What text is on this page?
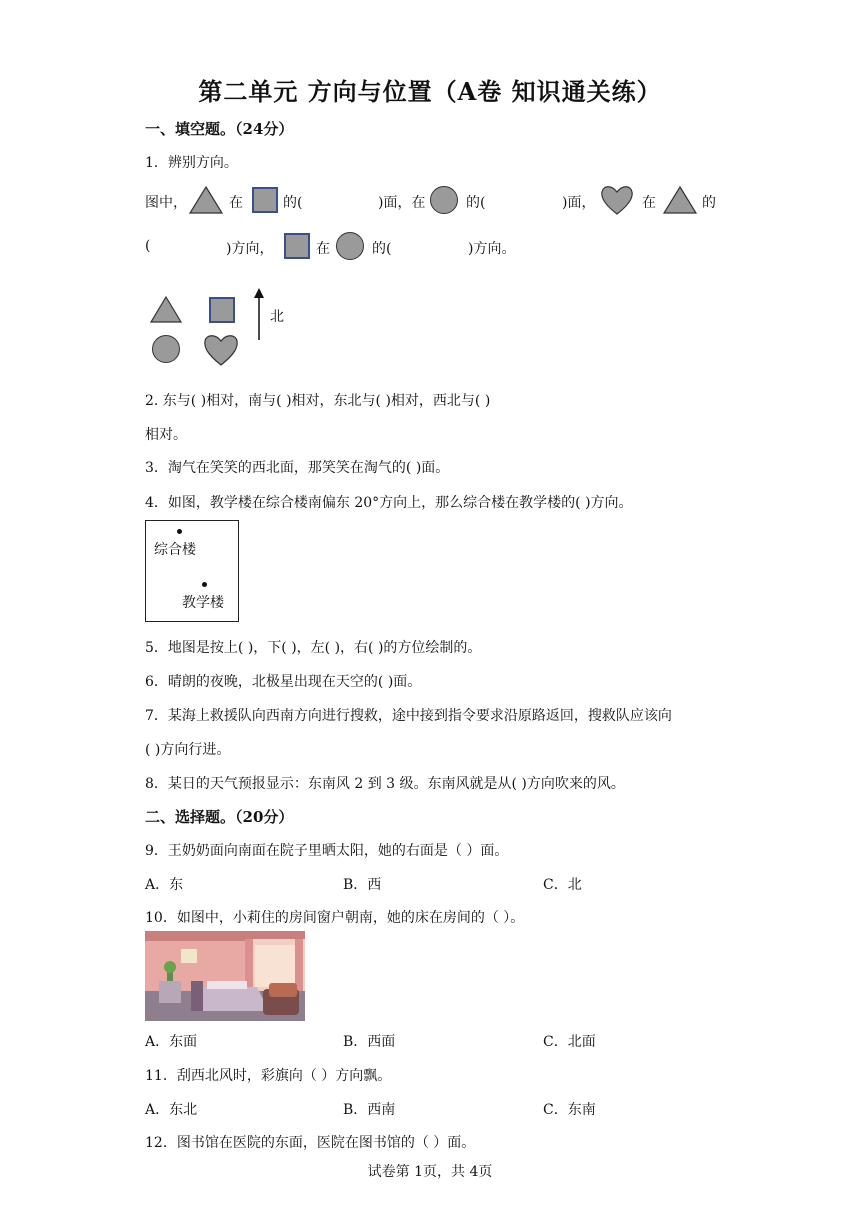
第二单元 方向与位置（A卷 知识通关练）
一、填空题。（24分）
1．辨别方向。
图中，	在	的(	)面，在	的(	)面，	在	的
(	)方向，	在	的(	)方向。
北
2. 东与( )相对，南与( )相对，东北与( )相对，西北与( )
相对。
3．淘气在笑笑的西北面，那笑笑在淘气的( )面。
4．如图，教学楼在综合楼南偏东 20°方向上，那么综合楼在教学楼的( )方向。
综合楼
教学楼
5．地图是按上( )，下( )，左( )，右( )的方位绘制的。
6．晴朗的夜晚，北极星出现在天空的( )面。
7．某海上救援队向西南方向进行搜救，途中接到指令要求沿原路返回，搜救队应该向
( )方向行进。
8．某日的天气预报显示：东南风 2 到 3 级。东南风就是从( )方向吹来的风。
二、选择题。（20分）
9．王奶奶面向南面在院子里晒太阳，她的右面是（ ）面。
A．东	B．西	C．北
10．如图中，小莉住的房间窗户朝南，她的床在房间的（ ）。
A．东面	B．西面	C．北面
11．刮西北风时，彩旗向（ ）方向飘。
A．东北	B．西南	C．东南
12．图书馆在医院的东面，医院在图书馆的（ ）面。
试卷第 1页，共 4页
